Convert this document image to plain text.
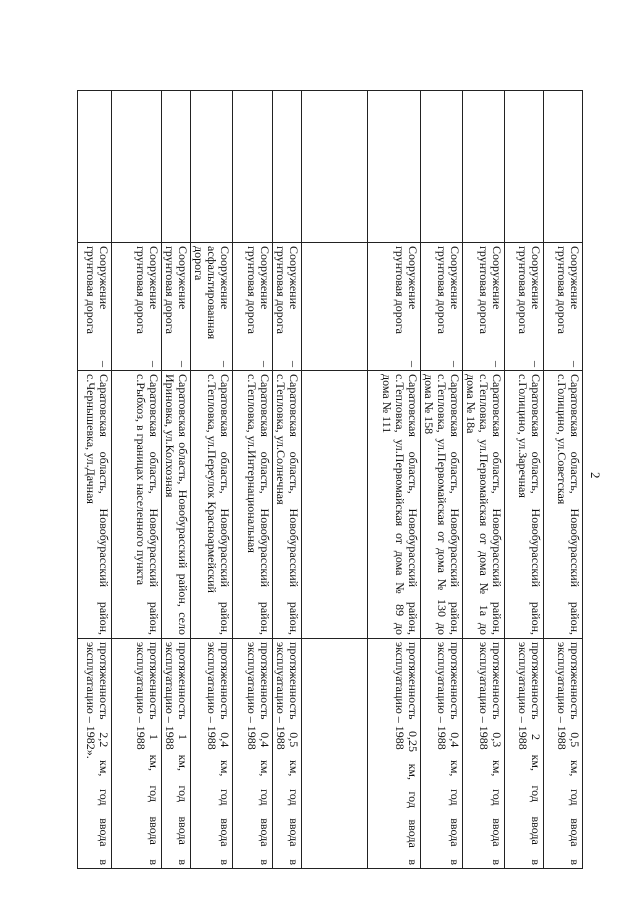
2
	Сооружение – грунтовая дорога	Саратовская область, Новобурасский район, с.Голицино, ул.Советская	протяженность 0,5 км, год ввода в эксплуатацию – 1988
	Сооружение – грунтовая дорога	Саратовская область, Новобурасский район, с.Голицино, ул.Заречная	протяженность 2 км, год ввода в эксплуатацию – 1988
	Сооружение – грунтовая дорога	Саратовская область, Новобурасский район, с.Тепловка, ул.Первомайская от дома № 1а до дома № 18а	протяженность 0,3 км, год ввода в эксплуатацию – 1988
	Сооружение – грунтовая дорога	Саратовская область, Новобурасский район, с.Тепловка, ул.Первомайская от дома № 130 до дома № 158	протяженность 0,4 км, год ввода в эксплуатацию – 1988
	Сооружение – грунтовая дорога	Саратовская область, Новобурасский район, с.Тепловка, ул.Первомайская от дома № 89 до дома № 111	протяженность 0,25 км, год ввода в эксплуатацию – 1988

	Сооружение – грунтовая дорога	Саратовская область, Новобурасский район, с.Тепловка, ул.Солнечная	протяженность 0,5 км, год ввода в эксплуатацию – 1988
	Сооружение – грунтовая дорога	Саратовская область, Новобурасский район, с.Тепловка, ул.Интернациональная	протяженность 0,4 км, год ввода в эксплуатацию – 1988
	Сооружение – асфальтированная дорога	Саратовская область, Новобурасский район, с.Тепловка, ул.Переулок Красноармейский	протяженность 0,4 км, год ввода в эксплуатацию – 1988
	Сооружение – грунтовая дорога	Саратовская область, Новобурасский район, село Ириновка, ул.Колхозная	протяженность 1 км, год ввода в эксплуатацию – 1988
	Сооружение – грунтовая дорога	Саратовская область, Новобурасский район, с.Рыбхоз, в границах населенного пункта	протяженность 1 км, год ввода в эксплуатацию – 1988
	Сооружение – грунтовая дорога	Саратовская область, Новобурасский район, с.Чернышевка, ул.Дачная	протяженность 2,2 км, год ввода в эксплуатацию – 1982».
